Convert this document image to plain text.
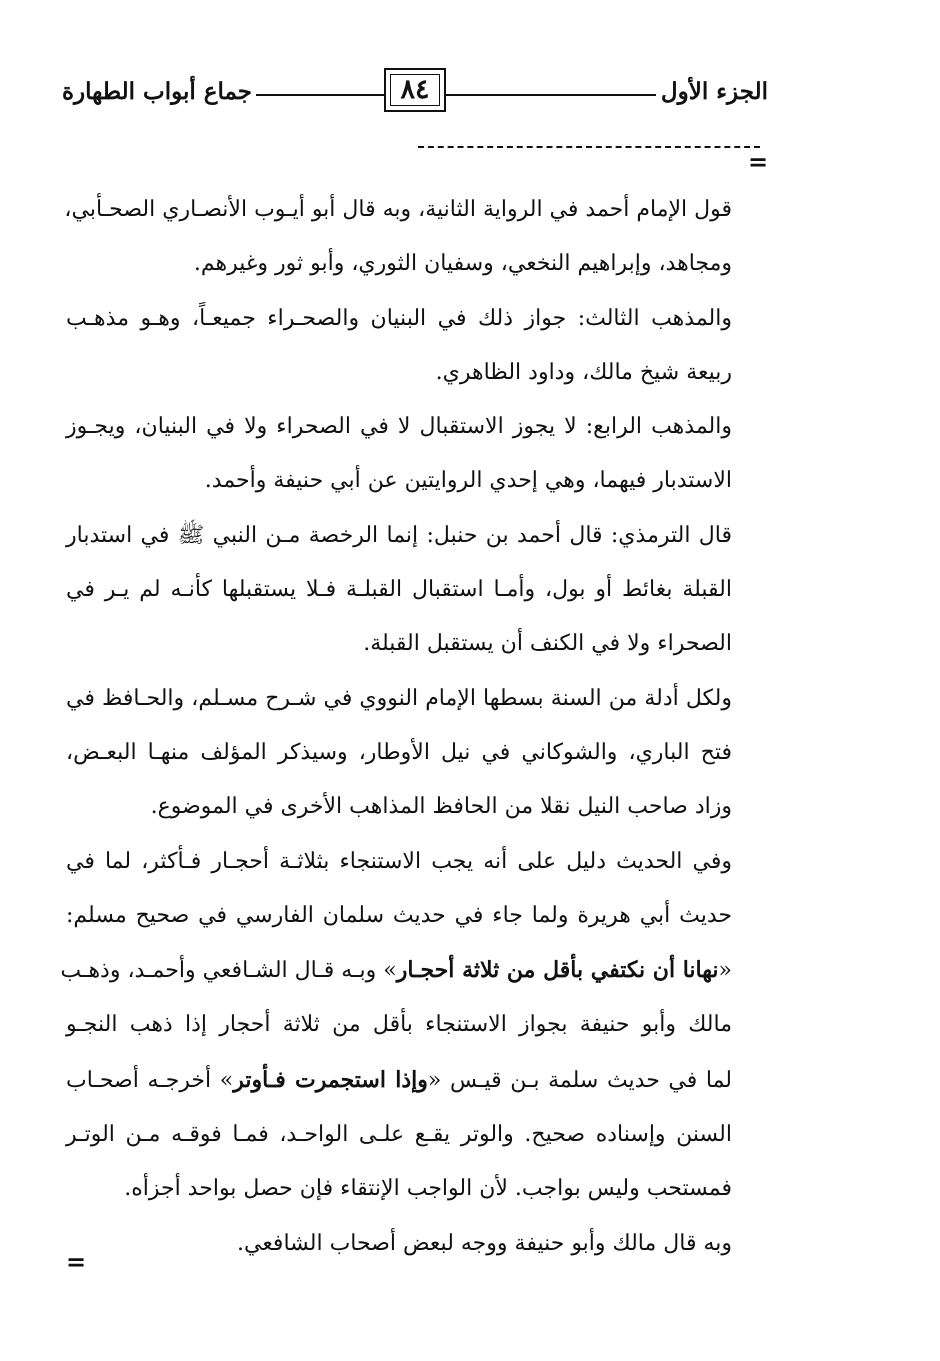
الجزء الأول
٨٤
جماع أبواب الطهارة
=
قول الإمام أحمد في الرواية الثانية، وبه قال أبو أيـوب الأنصـاري الصحـأبي،
ومجاهد، وإبراهيم النخعي، وسفيان الثوري، وأبو ثور وغيرهم.
والمذهب الثالث: جواز ذلك في البنيان والصحـراء جميعـاً، وهـو مذهـب
ربيعة شيخ مالك، وداود الظاهري.
والمذهب الرابع: لا يجوز الاستقبال لا في الصحراء ولا في البنيان، ويجـوز
الاستدبار فيهما، وهي إحدي الروايتين عن أبي حنيفة وأحمد.
قال الترمذي: قال أحمد بن حنبل: إنما الرخصة مـن النبي ﷺ في استدبار
القبلة بغائط أو بول، وأمـا استقبال القبلـة فـلا يستقبلها كأنـه لم يـر في
الصحراء ولا في الكنف أن يستقبل القبلة.
ولكل أدلة من السنة بسطها الإمام النووي في شـرح مسـلم، والحـافظ في
فتح الباري، والشوكاني في نيل الأوطار، وسيذكر المؤلف منهـا البعـض،
وزاد صاحب النيل نقلا من الحافظ المذاهب الأخرى في الموضوع.
وفي الحديث دليل على أنه يجب الاستنجاء بثلاثـة أحجـار فـأكثر، لما في
حديث أبي هريرة ولما جاء في حديث سلمان الفارسي في صحيح مسلم:
«نهانا أن نكتفي بأقل من ثلاثة أحجـار» وبـه قـال الشـافعي وأحمـد، وذهـب
مالك وأبو حنيفة بجواز الاستنجاء بأقل من ثلاثة أحجار إذا ذهب النجـو
لما في حديث سلمة بـن قيـس «وإذا استجمرت فـأوتر» أخرجـه أصحـاب
السنن وإسناده صحيح. والوتر يقـع علـى الواحـد، فمـا فوقـه مـن الوتـر
فمستحب وليس بواجب. لأن الواجب الإنتقاء فإن حصل بواحد أجزأه.
وبه قال مالك وأبو حنيفة ووجه لبعض أصحاب الشافعي.
=
